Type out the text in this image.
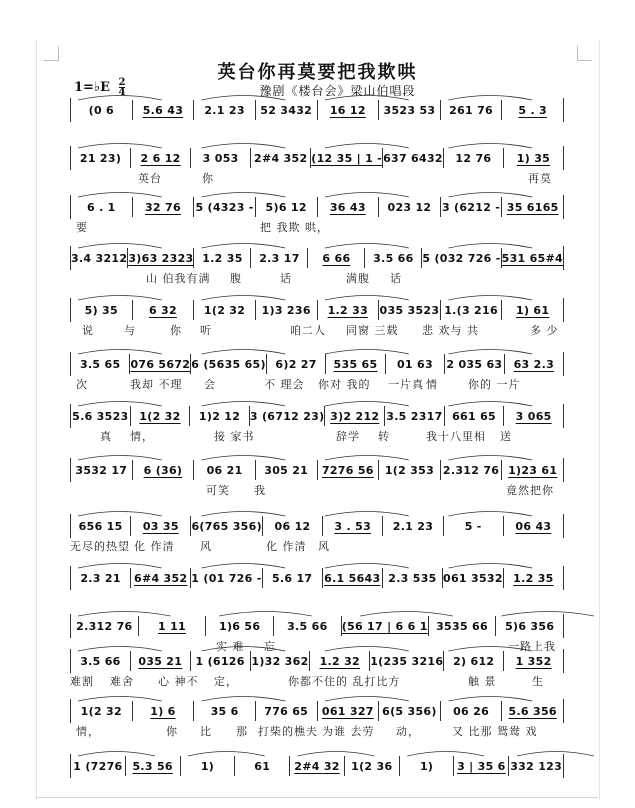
英台你再莫要把我欺哄
豫剧《楼台会》梁山伯唱段
1=♭E $\frac{2}{4}$
(0 6	5.6 43	2.1 23	52 3432	16 12	3523 53	261 76	5 . 3
21 23)	2 6 12	3 053	2#4 352 (12 35 | 1 - 637 6432	12 76	1) 35
英台	你	再莫
6 . 1	32 76	5 (4323 -	5)6 12	36 43	023 12 3 (6212 - 35 6165
要	把 我欺 哄，
3.4 3212 3)63 2323 1.2 35	2.3 17	6 66	3.5 66 5 (032 726 - 531 65#4
山 伯我有满 腹	话	满腹 话
5) 35	6 32	1(2 32	1)3 236	1.2 33	035 3523 1.(3 216	1) 61
说	与	你 听	咱二人 同窗 三载 悲 欢与 共	多 少
3.5 65 076 5672 6 (5635 65) 6)2 27	535 65	01 63	2 035 63	63 2.3
次	我却 不理 会	不 理会 你对 我的 一片真 情	你的 一片
5.6 3523 1(2 32	1)2 12 3 (6712 23) 3)2 212 3.5 2317 661 65	3 065
真 情，	接 家书	辞学 转	我十八里相 送
3532 17	6 (36)	06 21	305 21	7276 56	1(2 353 2.312 76 1)23 61
可笑 我	竟然把你
656 15	03 35	6(765 356)	06 12	3 . 53	2.1 23	5 -	06 43
无尽的热望 化 作清 风	化 作清 风
2.3 21	6#4 352 1 (01 726 - 5.6 17	6.1 5643 2.3 535 061 3532 1.2 35
2.312 76	1 11	1)6 56	3.5 66	(56 17 | 6 6 1 3535 66	5)6 356
实 难 忘	一路上我
3.5 66	035 21	1 (6126 1)32 362	1.2 32 1(235 3216 2) 612	1 352
难割 难舍 心 神不 定，	你都不住的 乱打比方	触 景	生
1(2 32	1) 6	35 6	776 65	061 327 6(5 356)	06 26	5.6 356
情，	你 比 那 打柴的樵夫 为谁 去劳 动，	又 比那 鸳鸯 戏
1 (7276 5.3 56	1)	61	2#4 32	1(2 36	1)	3 | 35 6 332 123
